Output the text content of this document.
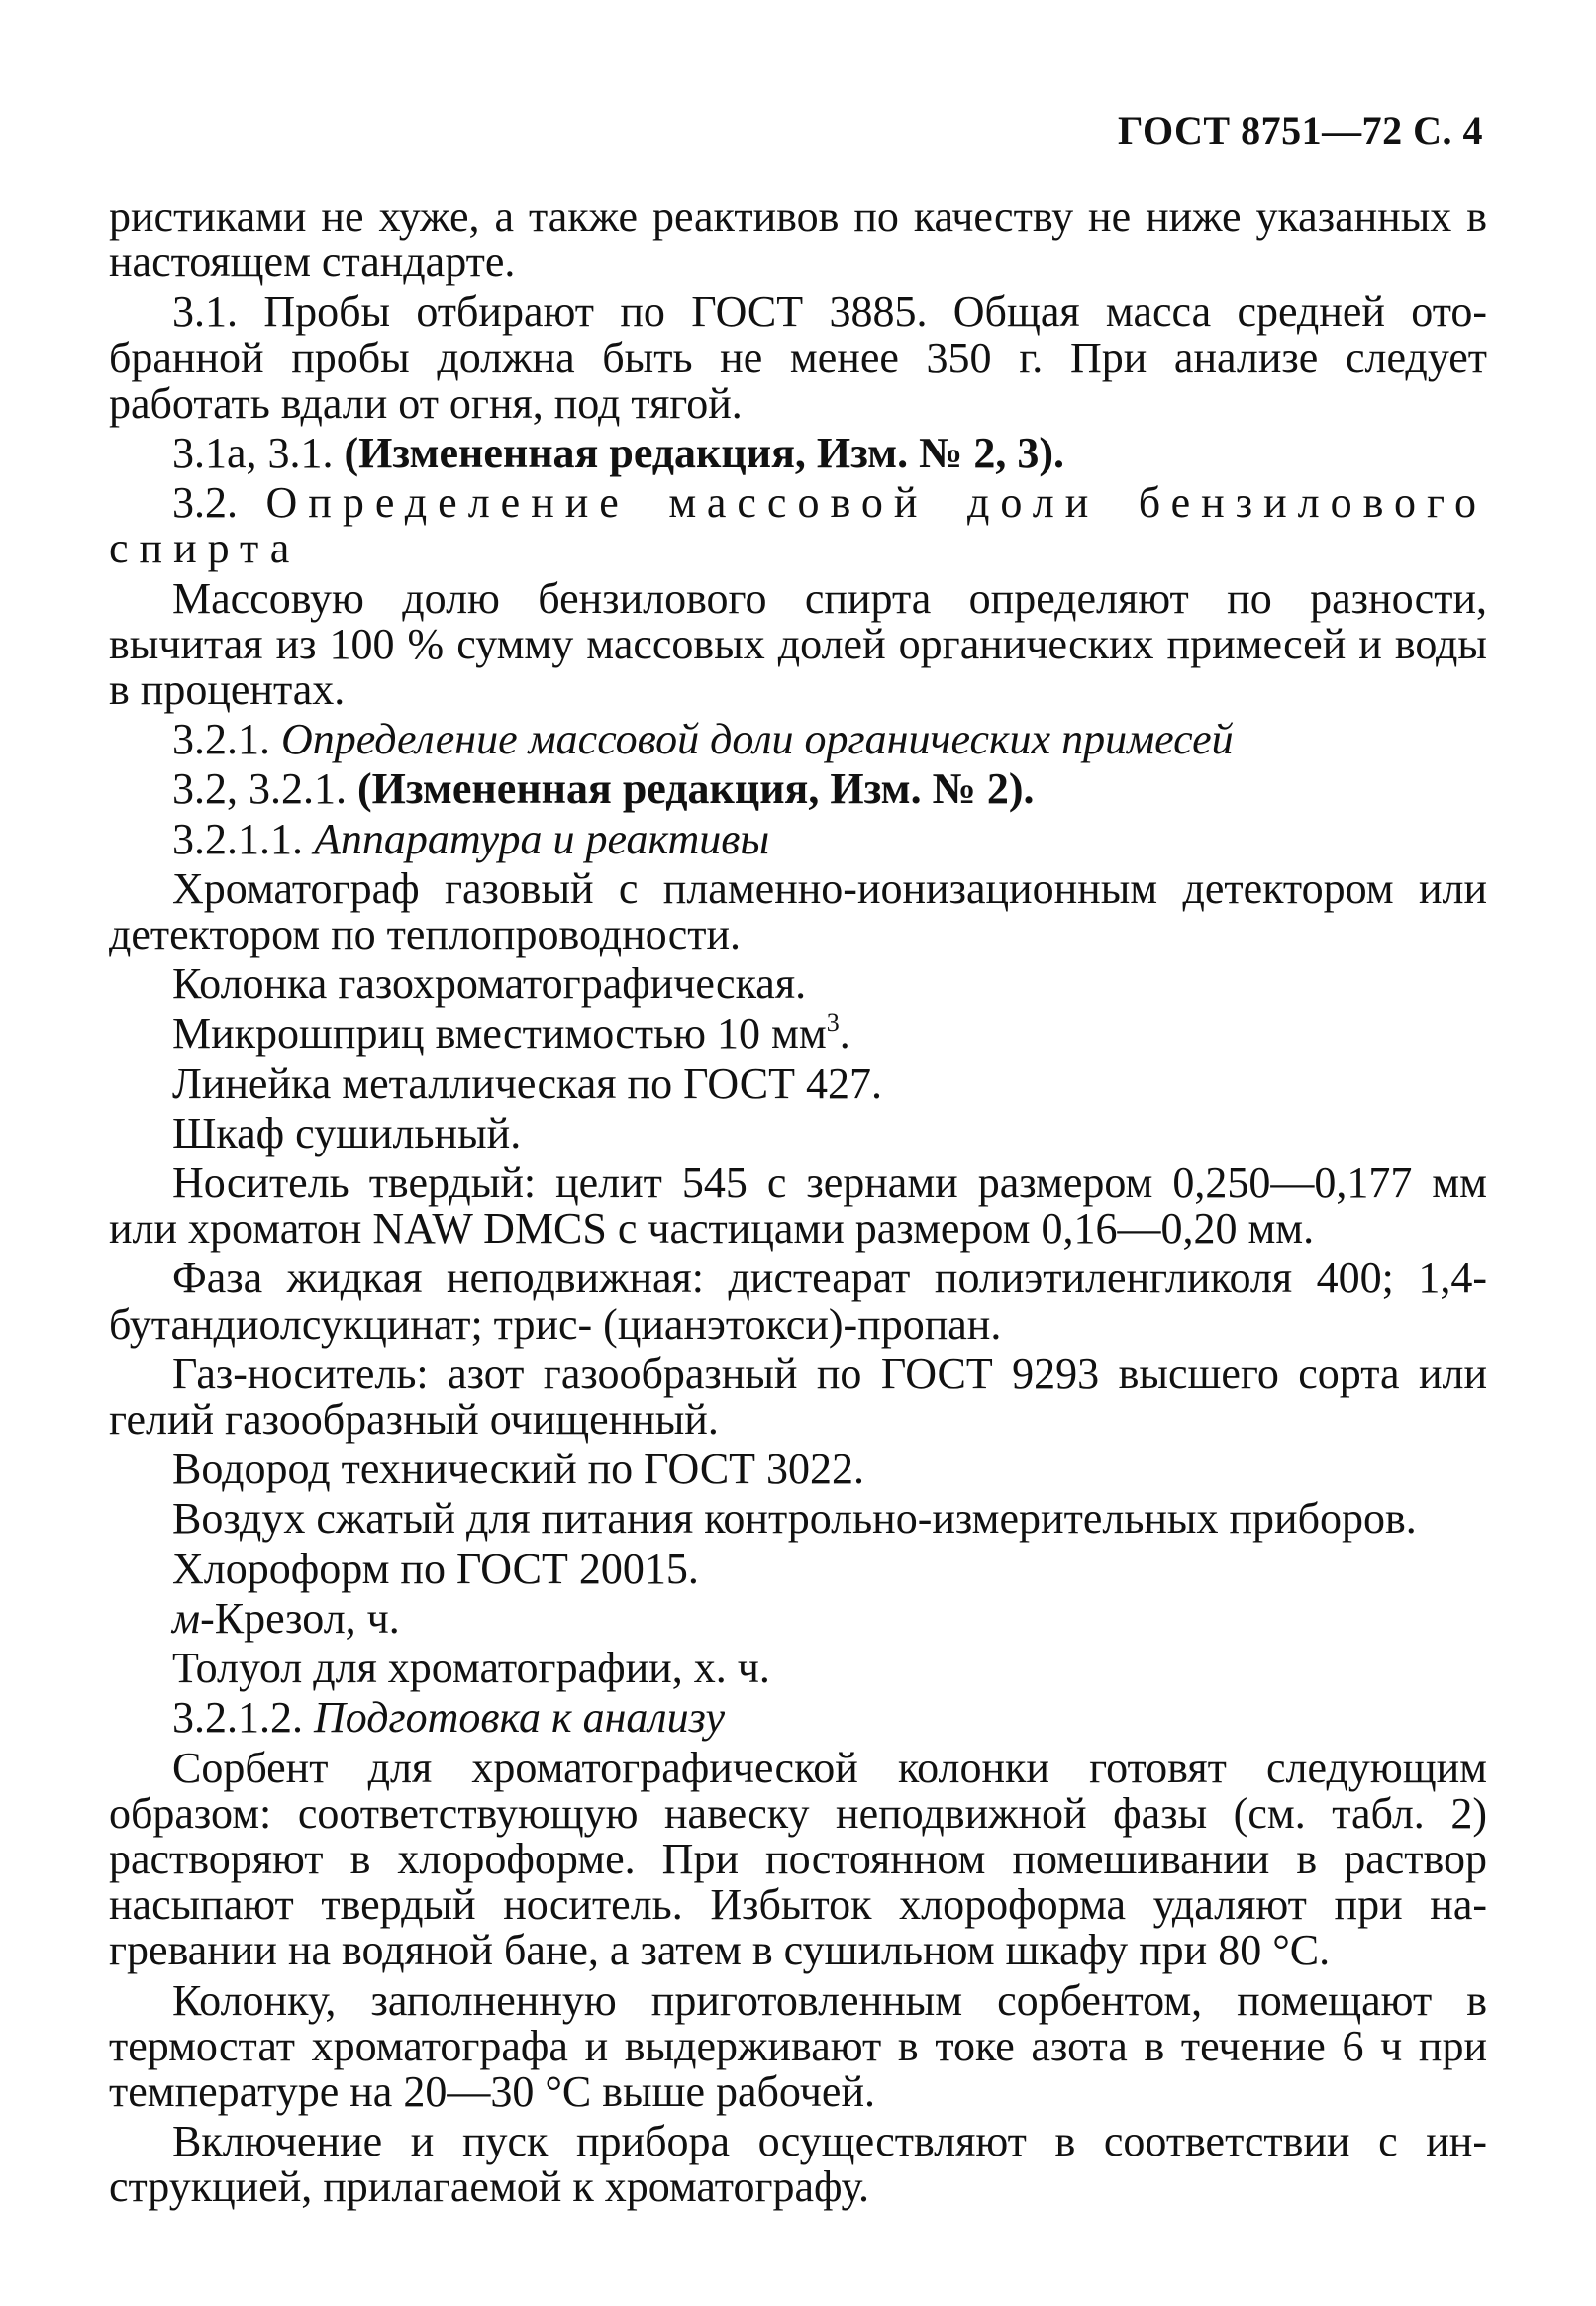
ГОСТ 8751—72 С. 4

ристиками не хуже, а также реактивов по качеству не ниже указанных в настоящем стандарте.

3.1. Пробы отбирают по ГОСТ 3885. Общая масса средней ото-бранной пробы должна быть не менее 350 г. При анализе следует работать вдали от огня, под тягой.

3.1а, 3.1. (Измененная редакция, Изм. № 2, 3).

3.2. Определение массовой доли бензилового спирта

Массовую долю бензилового спирта определяют по разности, вычитая из 100 % сумму массовых долей органических примесей и воды в процентах.

3.2.1. Определение массовой доли органических примесей

3.2, 3.2.1. (Измененная редакция, Изм. № 2).

3.2.1.1. Аппаратура и реактивы

Хроматограф газовый с пламенно-ионизационным детектором или детектором по теплопроводности.

Колонка газохроматографическая.

Микрошприц вместимостью 10 $мм^3$.

Линейка металлическая по ГОСТ 427.

Шкаф сушильный.

Носитель твердый: целит 545 с зернами размером 0,250—0,177 мм или хроматон NAW DMCS с частицами размером 0,16—0,20 мм.

Фаза жидкая неподвижная: дистеарат полиэтиленгликоля 400; 1,4-бутандиолсукцинат; трис- (цианэтокси)-пропан.

Газ-носитель: азот газообразный по ГОСТ 9293 высшего сорта или гелий газообразный очищенный.

Водород технический по ГОСТ 3022.

Воздух сжатый для питания контрольно-измерительных приборов.

Хлороформ по ГОСТ 20015.

м-Крезол, ч.

Толуол для хроматографии, х. ч.

3.2.1.2. Подготовка к анализу

Сорбент для хроматографической колонки готовят следующим образом: соответствующую навеску неподвижной фазы (см. табл. 2) растворяют в хлороформе. При постоянном помешивании в раствор насыпают твердый носитель. Избыток хлороформа удаляют при на-гревании на водяной бане, а затем в сушильном шкафу при 80 °С.

Колонку, заполненную приготовленным сорбентом, помещают в термостат хроматографа и выдерживают в токе азота в течение 6 ч при температуре на 20—30 °С выше рабочей.

Включение и пуск прибора осуществляют в соответствии с ин-струкцией, прилагаемой к хроматографу.
